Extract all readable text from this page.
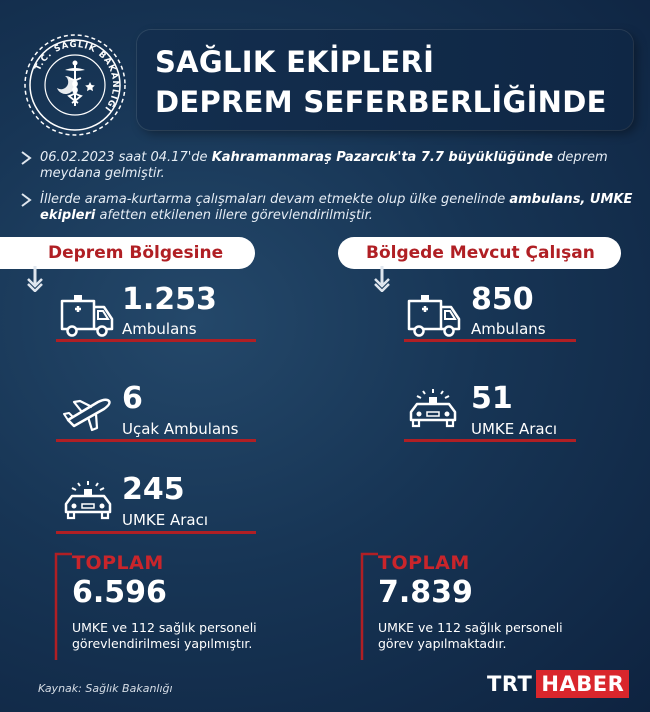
T.C. SAĞLIK BAKANLIĞI
SAĞLIK EKİPLERİ
DEPREM SEFERBERLİĞİNDE
06.02.2023 saat 04.17'de Kahramanmaraş Pazarcık'ta 7.7 büyüklüğünde deprem meydana gelmiştir.
İllerde arama-kurtarma çalışmaları devam etmekte olup ülke genelinde ambulans, UMKE ekipleri afetten etkilenen illere görevlendirilmiştir.
Deprem Bölgesine	Bölgede Mevcut Çalışan
1.253
Ambulans
6
Uçak Ambulans
245
UMKE Aracı
TOPLAM
6.596
UMKE ve 112 sağlık personeli
görevlendirilmesi yapılmıştır.
850
Ambulans
51
UMKE Aracı
TOPLAM
7.839
UMKE ve 112 sağlık personeli
görev yapılmaktadır.
Kaynak: Sağlık Bakanlığı	TRT HABER
